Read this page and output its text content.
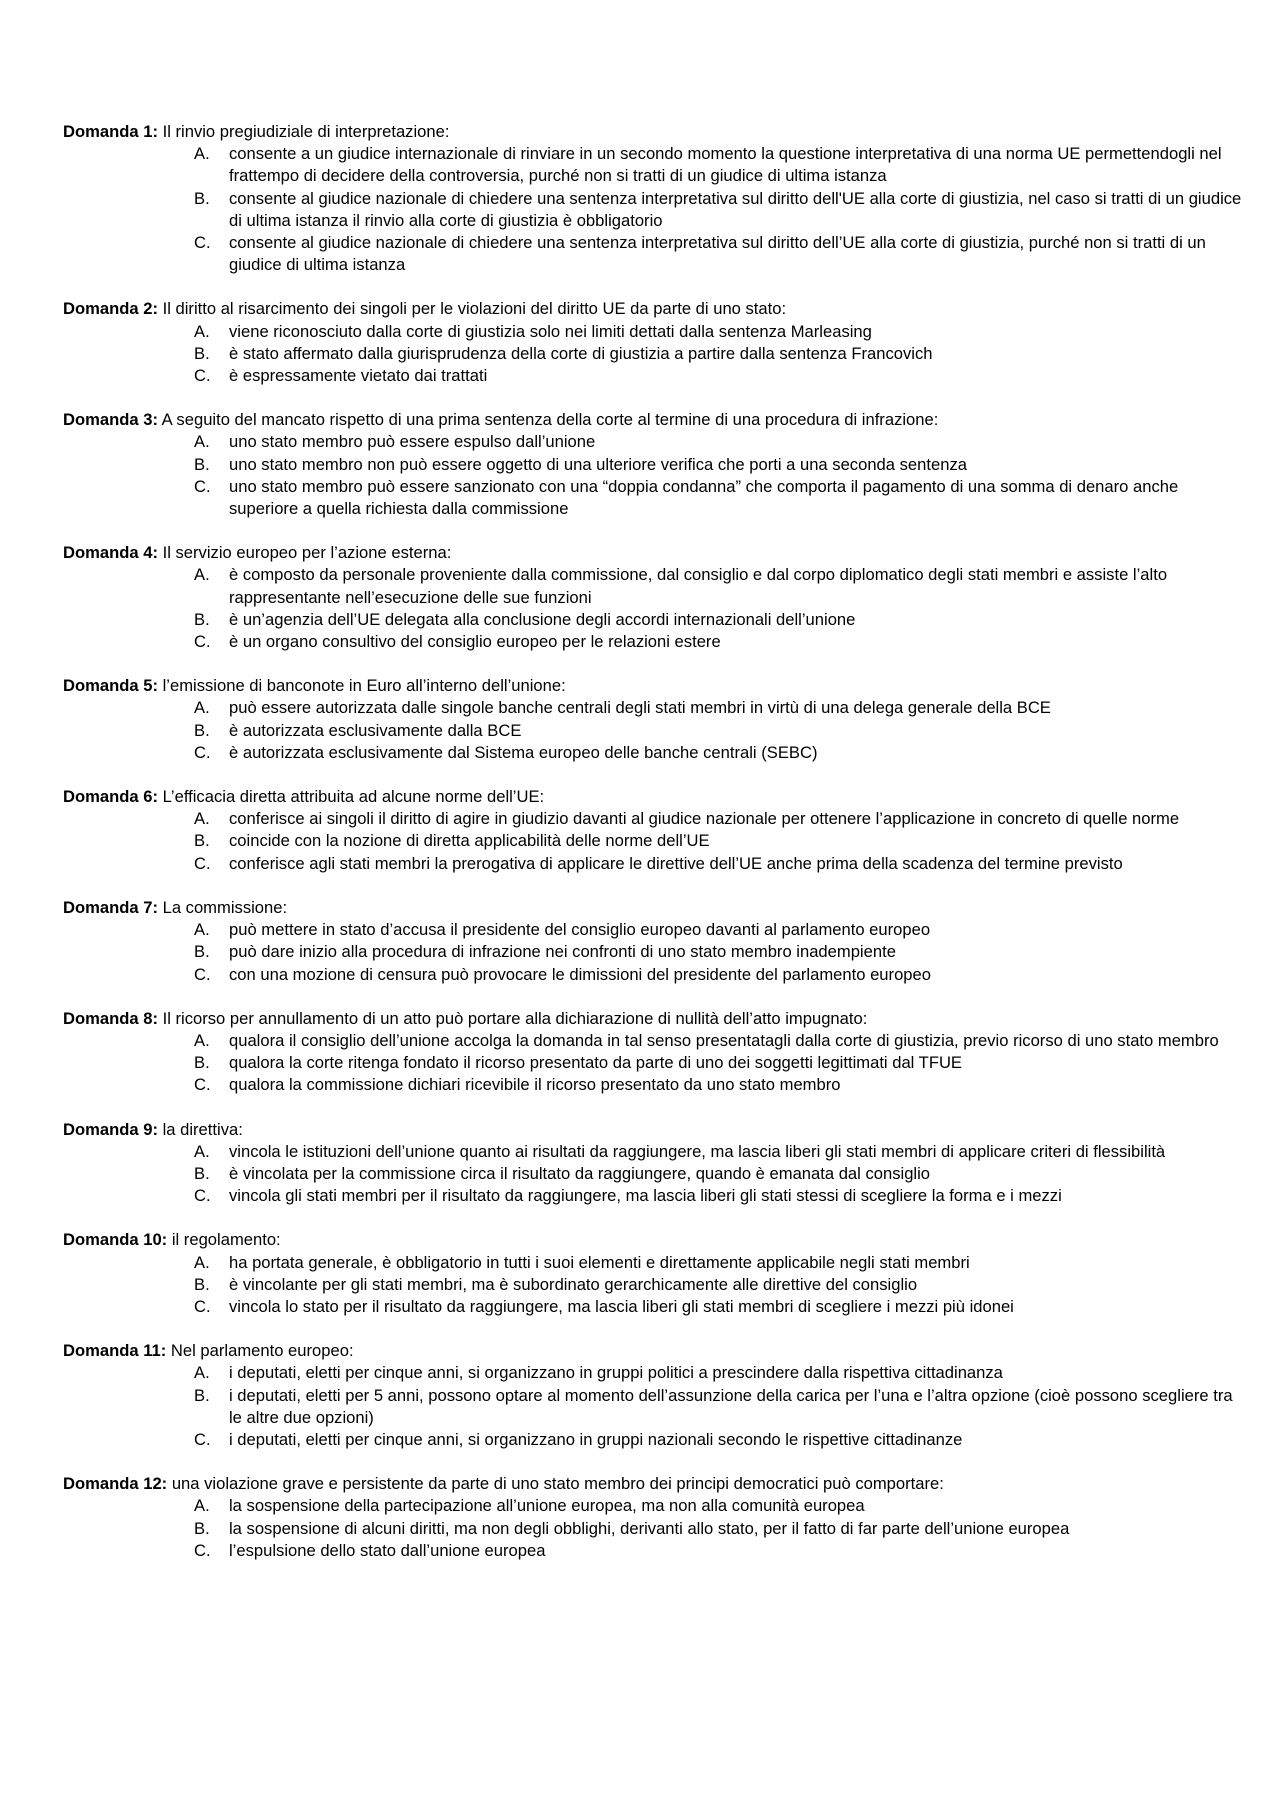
Domanda 1: Il rinvio pregiudiziale di interpretazione:
A.	consente a un giudice internazionale di rinviare in un secondo momento la questione interpretativa di una norma UE permettendogli nel frattempo di decidere della controversia, purché non si tratti di un giudice di ultima istanza
B.	consente al giudice nazionale di chiedere una sentenza interpretativa sul diritto dell'UE alla corte di giustizia, nel caso si tratti di un giudice di ultima istanza il rinvio alla corte di giustizia è obbligatorio
C.	consente al giudice nazionale di chiedere una sentenza interpretativa sul diritto dell’UE alla corte di giustizia, purché non si tratti di un giudice di ultima istanza
Domanda 2: Il diritto al risarcimento dei singoli per le violazioni del diritto UE da parte di uno stato:
A.	viene riconosciuto dalla corte di giustizia solo nei limiti dettati dalla sentenza Marleasing
B.	è stato affermato dalla giurisprudenza della corte di giustizia a partire dalla sentenza Francovich
C.	è espressamente vietato dai trattati
Domanda 3: A seguito del mancato rispetto di una prima sentenza della corte al termine di una procedura di infrazione:
A.	uno stato membro può essere espulso dall’unione
B.	uno stato membro non può essere oggetto di una ulteriore verifica che porti a una seconda sentenza
C.	uno stato membro può essere sanzionato con una “doppia condanna” che comporta il pagamento di una somma di denaro anche superiore a quella richiesta dalla commissione
Domanda 4: Il servizio europeo per l’azione esterna:
A.	è composto da personale proveniente dalla commissione, dal consiglio e dal corpo diplomatico degli stati membri e assiste l’alto rappresentante nell’esecuzione delle sue funzioni
B.	è un’agenzia dell’UE delegata alla conclusione degli accordi internazionali dell’unione
C.	è un organo consultivo del consiglio europeo per le relazioni estere
Domanda 5: l’emissione di banconote in Euro all’interno dell’unione:
A.	può essere autorizzata dalle singole banche centrali degli stati membri in virtù di una delega generale della BCE
B.	è autorizzata esclusivamente dalla BCE
C.	è autorizzata esclusivamente dal Sistema europeo delle banche centrali (SEBC)
Domanda 6: L’efficacia diretta attribuita ad alcune norme dell’UE:
A.	conferisce ai singoli il diritto di agire in giudizio davanti al giudice nazionale per ottenere l’applicazione in concreto di quelle norme
B.	coincide con la nozione di diretta applicabilità delle norme dell’UE
C.	conferisce agli stati membri la prerogativa di applicare le direttive dell’UE anche prima della scadenza del termine previsto
Domanda 7: La commissione:
A.	può mettere in stato d’accusa il presidente del consiglio europeo davanti al parlamento europeo
B.	può dare inizio alla procedura di infrazione nei confronti di uno stato membro inadempiente
C.	con una mozione di censura può provocare le dimissioni del presidente del parlamento europeo
Domanda 8: Il ricorso per annullamento di un atto può portare alla dichiarazione di nullità dell’atto impugnato:
A.	qualora il consiglio dell’unione accolga la domanda in tal senso presentatagli dalla corte di giustizia, previo ricorso di uno stato membro
B.	qualora la corte ritenga fondato il ricorso presentato da parte di uno dei soggetti legittimati dal TFUE
C.	qualora la commissione dichiari ricevibile il ricorso presentato da uno stato membro
Domanda 9: la direttiva:
A.	vincola le istituzioni dell’unione quanto ai risultati da raggiungere, ma lascia liberi gli stati membri di applicare criteri di flessibilità
B.	è vincolata per la commissione circa il risultato da raggiungere, quando è emanata dal consiglio
C.	vincola gli stati membri per il risultato da raggiungere, ma lascia liberi gli stati stessi di scegliere la forma e i mezzi
Domanda 10: il regolamento:
A.	ha portata generale, è obbligatorio in tutti i suoi elementi e direttamente applicabile negli stati membri
B.	è vincolante per gli stati membri, ma è subordinato gerarchicamente alle direttive del consiglio
C.	vincola lo stato per il risultato da raggiungere, ma lascia liberi gli stati membri di scegliere i mezzi più idonei
Domanda 11: Nel parlamento europeo:
A.	i deputati, eletti per cinque anni, si organizzano in gruppi politici a prescindere dalla rispettiva cittadinanza
B.	i deputati, eletti per 5 anni, possono optare al momento dell’assunzione della carica per l’una e l’altra opzione (cioè possono scegliere tra le altre due opzioni)
C.	i deputati, eletti per cinque anni, si organizzano in gruppi nazionali secondo le rispettive cittadinanze
Domanda 12: una violazione grave e persistente da parte di uno stato membro dei principi democratici può comportare:
A.	la sospensione della partecipazione all’unione europea, ma non alla comunità europea
B.	la sospensione di alcuni diritti, ma non degli obblighi, derivanti allo stato, per il fatto di far parte dell’unione europea
C.	l’espulsione dello stato dall’unione europea
